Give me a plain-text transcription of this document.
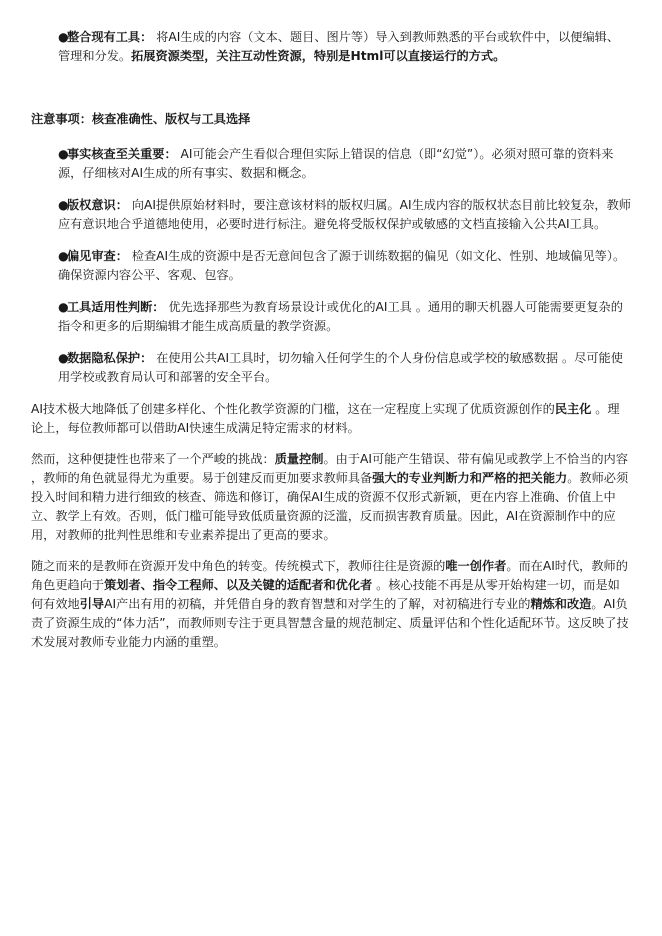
●整合现有工具： 将AI生成的内容（文本、题目、图片等）导入到教师熟悉的平台或软件中，以便编辑、管理和分发。拓展资源类型，关注互动性资源，特别是Html可以直接运行的方式。

注意事项：核查准确性、版权与工具选择

●事实核查至关重要： AI可能会产生看似合理但实际上错误的信息（即“幻觉”）。必须对照可靠的资料来源，仔细核对AI生成的所有事实、数据和概念。

●版权意识： 向AI提供原始材料时，要注意该材料的版权归属。AI生成内容的版权状态目前比较复杂，教师应有意识地合乎道德地使用，必要时进行标注。避免将受版权保护或敏感的文档直接输入公共AI工具。

●偏见审查： 检查AI生成的资源中是否无意间包含了源于训练数据的偏见（如文化、性别、地域偏见等）。确保资源内容公平、客观、包容。

●工具适用性判断： 优先选择那些为教育场景设计或优化的AI工具 。通用的聊天机器人可能需要更复杂的指令和更多的后期编辑才能生成高质量的教学资源。

●数据隐私保护： 在使用公共AI工具时，切勿输入任何学生的个人身份信息或学校的敏感数据 。尽可能使用学校或教育局认可和部署的安全平台。

AI技术极大地降低了创建多样化、个性化教学资源的门槛，这在一定程度上实现了优质资源创作的民主化 。理论上，每位教师都可以借助AI快速生成满足特定需求的材料。

然而，这种便捷性也带来了一个严峻的挑战：质量控制。由于AI可能产生错误、带有偏见或教学上不恰当的内容 ，教师的角色就显得尤为重要。易于创建反而更加要求教师具备强大的专业判断力和严格的把关能力。教师必须投入时间和精力进行细致的核查、筛选和修订，确保AI生成的资源不仅形式新颖，更在内容上准确、价值上中立、教学上有效。否则，低门槛可能导致低质量资源的泛滥，反而损害教育质量。因此，AI在资源制作中的应用，对教师的批判性思维和专业素养提出了更高的要求。

随之而来的是教师在资源开发中角色的转变。传统模式下，教师往往是资源的唯一创作者。而在AI时代，教师的角色更趋向于策划者、指令工程师、以及关键的适配者和优化者 。核心技能不再是从零开始构建一切，而是如何有效地引导AI产出有用的初稿，并凭借自身的教育智慧和对学生的了解，对初稿进行专业的精炼和改造。AI负责了资源生成的“体力活”，而教师则专注于更具智慧含量的规范制定、质量评估和个性化适配环节。这反映了技术发展对教师专业能力内涵的重塑。
